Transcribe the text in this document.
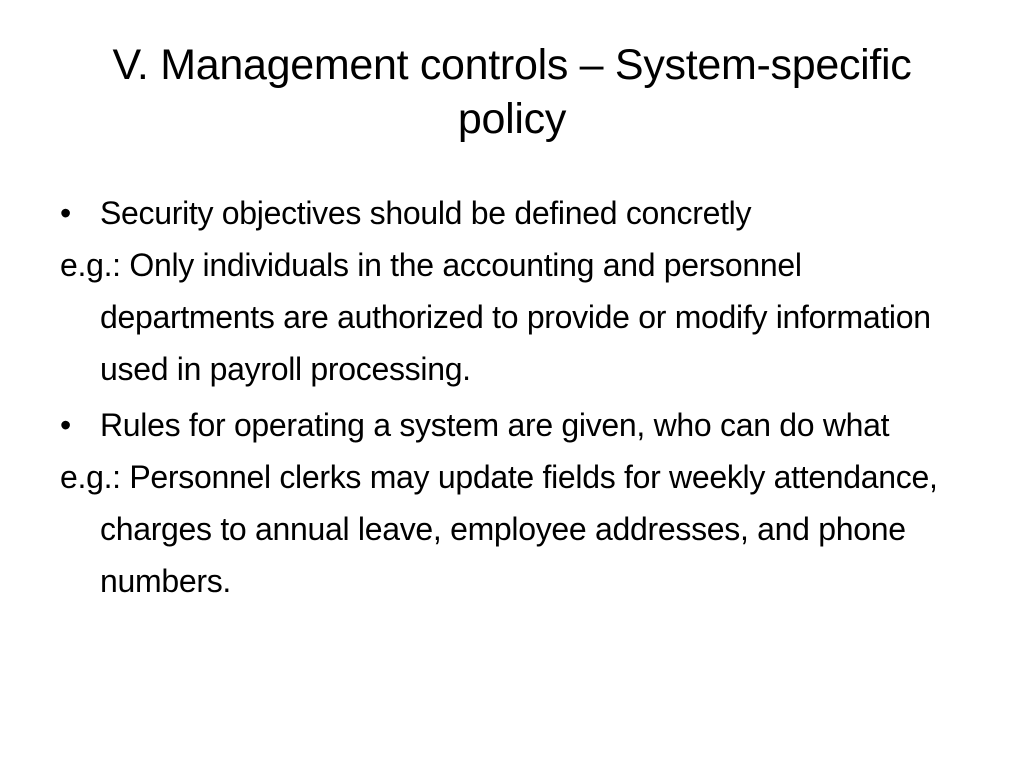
V. Management controls – System-specific policy
• Security objectives should be defined concretly
e.g.: Only individuals in the accounting and personnel departments are authorized to provide or modify information used in payroll processing.
• Rules for operating a system are given, who can do what
e.g.: Personnel clerks may update fields for weekly attendance, charges to annual leave, employee addresses, and phone numbers.
